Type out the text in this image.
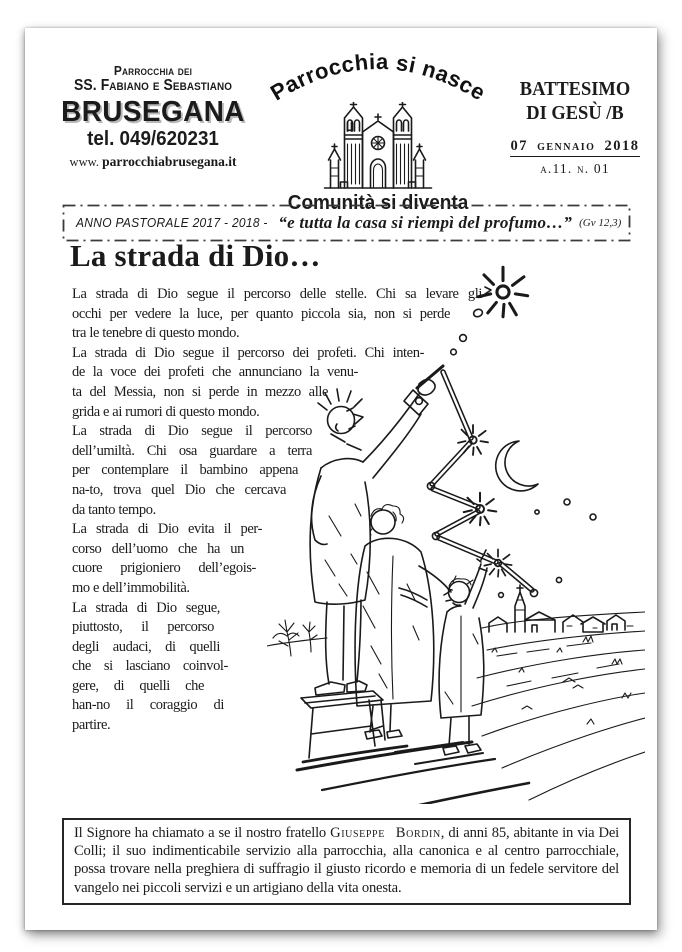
Parrocchia dei
SS. Fabiano e Sebastiano
BRUSEGANA
tel. 049/620231
www. parrocchiabrusegana.it
Parrocchia si nasce
Comunità si diventa
BATTESIMO
DI GESÙ /B
07 gennaio 2018
a.11. n. 01
ANNO PASTORALE 2017 - 2018 - “e tutta la casa si riempì del profumo…” (Gv 12,3)
La strada di Dio…
La strada di Dio segue il percorso delle stelle. Chi sa levare gli
occhi per vedere la luce, per quanto piccola sia, non si perde
tra le tenebre di questo mondo.
La strada di Dio segue il percorso dei profeti. Chi inten-
de la voce dei profeti che annunciano la venu-
ta del Messia, non si perde in mezzo alle
grida e ai rumori di questo mondo.
La strada di Dio segue il percorso
dell’umiltà. Chi osa guardare a terra
per contemplare il bambino appena
na-to, trova quel Dio che cercava
da tanto tempo.
La strada di Dio evita il per-
corso dell’uomo che ha un
cuore prigioniero dell’egois-
mo e dell’immobilità.
La strada di Dio segue,
piuttosto, il percorso
degli audaci, di quelli
che si lasciano coinvol-
gere, di quelli che
han-no il coraggio di
partire.
Il Signore ha chiamato a se il nostro fratello Giuseppe Bordin, di anni 85, abitante in via Dei Colli; il suo indimenticabile servizio alla parrocchia, alla canonica e al centro parrocchiale, possa trovare nella preghiera di suffragio il giusto ricordo e memoria di un fedele servitore del vangelo nei piccoli servizi e un artigiano della vita onesta.
